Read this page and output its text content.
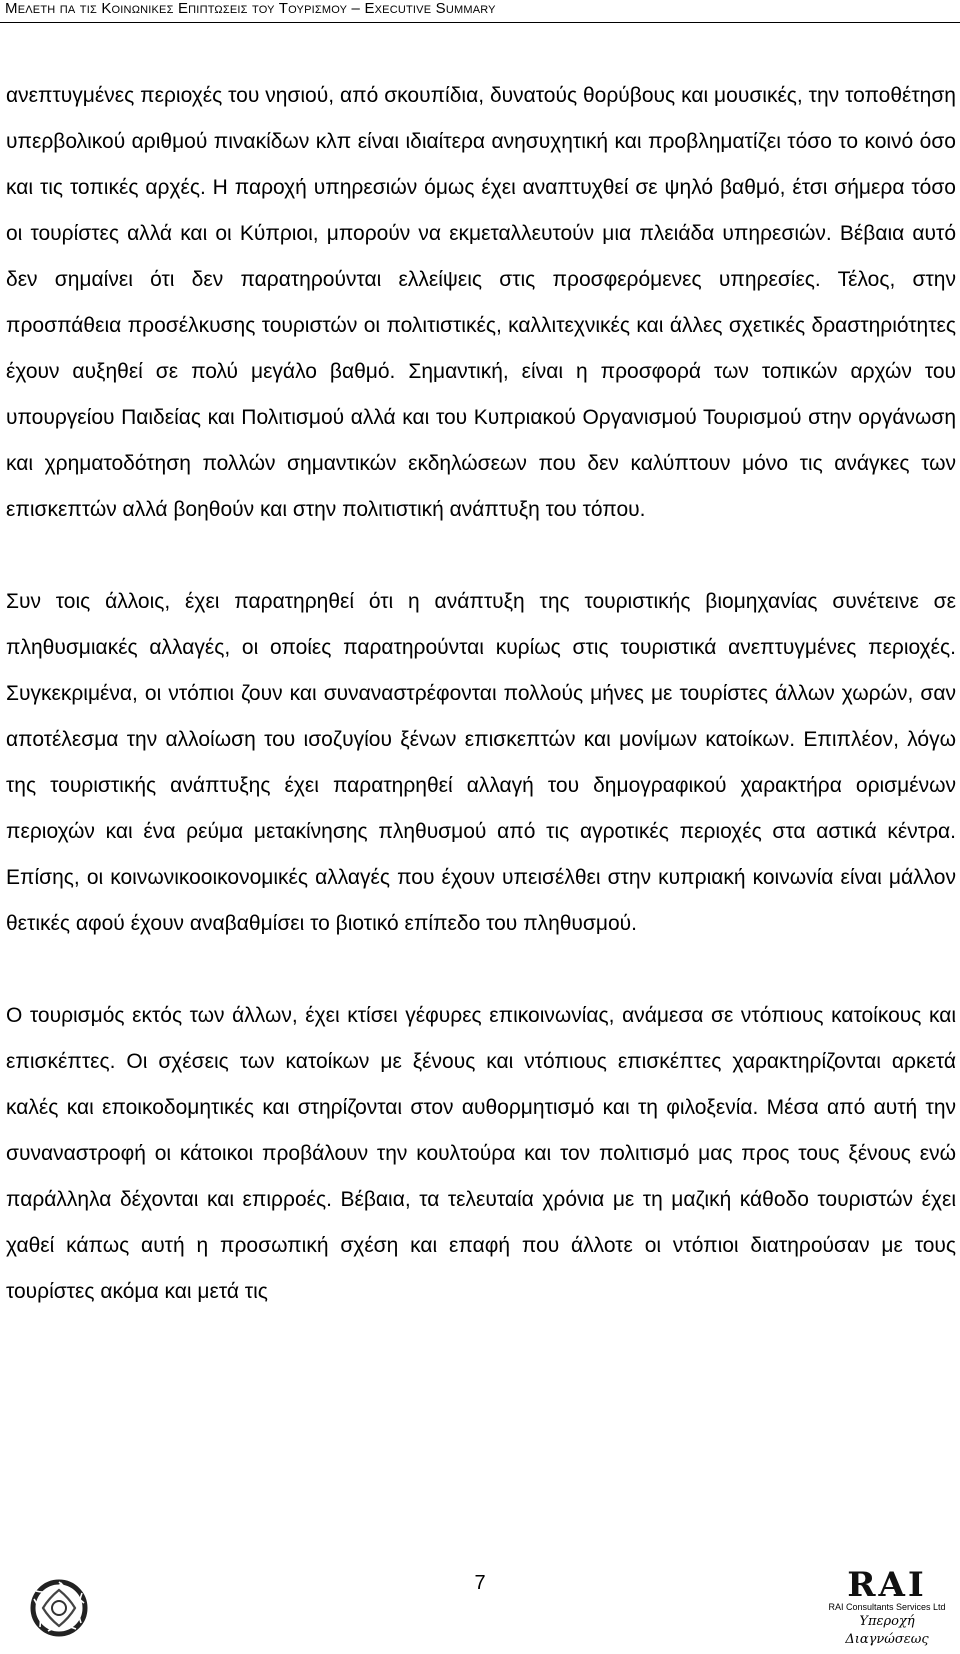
Μελετη πα τις Κοινωνικες Επιπτωσεις του Τουρισμου – Executive Summary

ανεπτυγμένες περιοχές του νησιού, από σκουπίδια, δυνατούς θορύβους και μουσικές, την τοποθέτηση υπερβολικού αριθμού πινακίδων κλπ είναι ιδιαίτερα ανησυχητική και προβληματίζει τόσο το κοινό όσο και τις τοπικές αρχές. Η παροχή υπηρεσιών όμως έχει αναπτυχθεί σε ψηλό βαθμό, έτσι σήμερα τόσο οι τουρίστες αλλά και οι Κύπριοι, μπορούν να εκμεταλλευτούν μια πλειάδα υπηρεσιών. Βέβαια αυτό δεν σημαίνει ότι δεν παρατηρούνται ελλείψεις στις προσφερόμενες υπηρεσίες. Τέλος, στην προσπάθεια προσέλκυσης τουριστών οι πολιτιστικές, καλλιτεχνικές και άλλες σχετικές δραστηριότητες έχουν αυξηθεί σε πολύ μεγάλο βαθμό. Σημαντική, είναι η προσφορά των τοπικών αρχών του υπουργείου Παιδείας και Πολιτισμού αλλά και του Κυπριακού Οργανισμού Τουρισμού στην οργάνωση και χρηματοδότηση πολλών σημαντικών εκδηλώσεων που δεν καλύπτουν μόνο τις ανάγκες των επισκεπτών αλλά βοηθούν και στην πολιτιστική ανάπτυξη του τόπου.

Συν τοις άλλοις, έχει παρατηρηθεί ότι η ανάπτυξη της τουριστικής βιομηχανίας συνέτεινε σε πληθυσμιακές αλλαγές, οι οποίες παρατηρούνται κυρίως στις τουριστικά ανεπτυγμένες περιοχές. Συγκεκριμένα, οι ντόπιοι ζουν και συναναστρέφονται πολλούς μήνες με τουρίστες άλλων χωρών, σαν αποτέλεσμα την αλλοίωση του ισοζυγίου ξένων επισκεπτών και μονίμων κατοίκων. Επιπλέον, λόγω της τουριστικής ανάπτυξης έχει παρατηρηθεί αλλαγή του δημογραφικού χαρακτήρα ορισμένων περιοχών και ένα ρεύμα μετακίνησης πληθυσμού από τις αγροτικές περιοχές στα αστικά κέντρα. Επίσης, οι κοινωνικοοικονομικές αλλαγές που έχουν υπεισέλθει στην κυπριακή κοινωνία είναι μάλλον θετικές αφού έχουν αναβαθμίσει το βιοτικό επίπεδο του πληθυσμού.

Ο τουρισμός εκτός των άλλων, έχει κτίσει γέφυρες επικοινωνίας, ανάμεσα σε ντόπιους κατοίκους και επισκέπτες. Οι σχέσεις των κατοίκων με ξένους και ντόπιους επισκέπτες χαρακτηρίζονται αρκετά καλές και εποικοδομητικές και στηρίζονται στον αυθορμητισμό και τη φιλοξενία. Μέσα από αυτή την συναναστροφή οι κάτοικοι προβάλουν την κουλτούρα και τον πολιτισμό μας προς τους ξένους ενώ παράλληλα δέχονται και επιρροές. Βέβαια, τα τελευταία χρόνια με τη μαζική κάθοδο τουριστών έχει χαθεί κάπως αυτή η προσωπική σχέση και επαφή που άλλοτε οι ντόπιοι διατηρούσαν με τους τουρίστες ακόμα και μετά τις

7	RAI
RAI Consultants Services Ltd
Υπεροχή Διαγνώσεως
